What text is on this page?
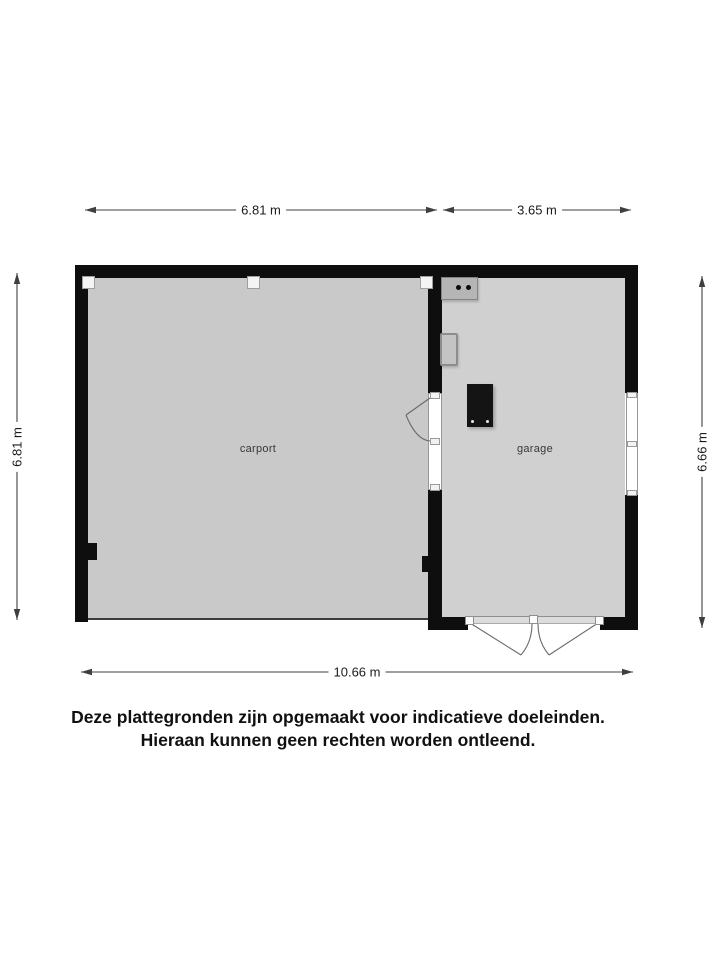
6.81 m	3.65 m
6.81 m	6.66 m
10.66 m
carport	garage
Deze plattegronden zijn opgemaakt voor indicatieve doeleinden.
Hieraan kunnen geen rechten worden ontleend.
